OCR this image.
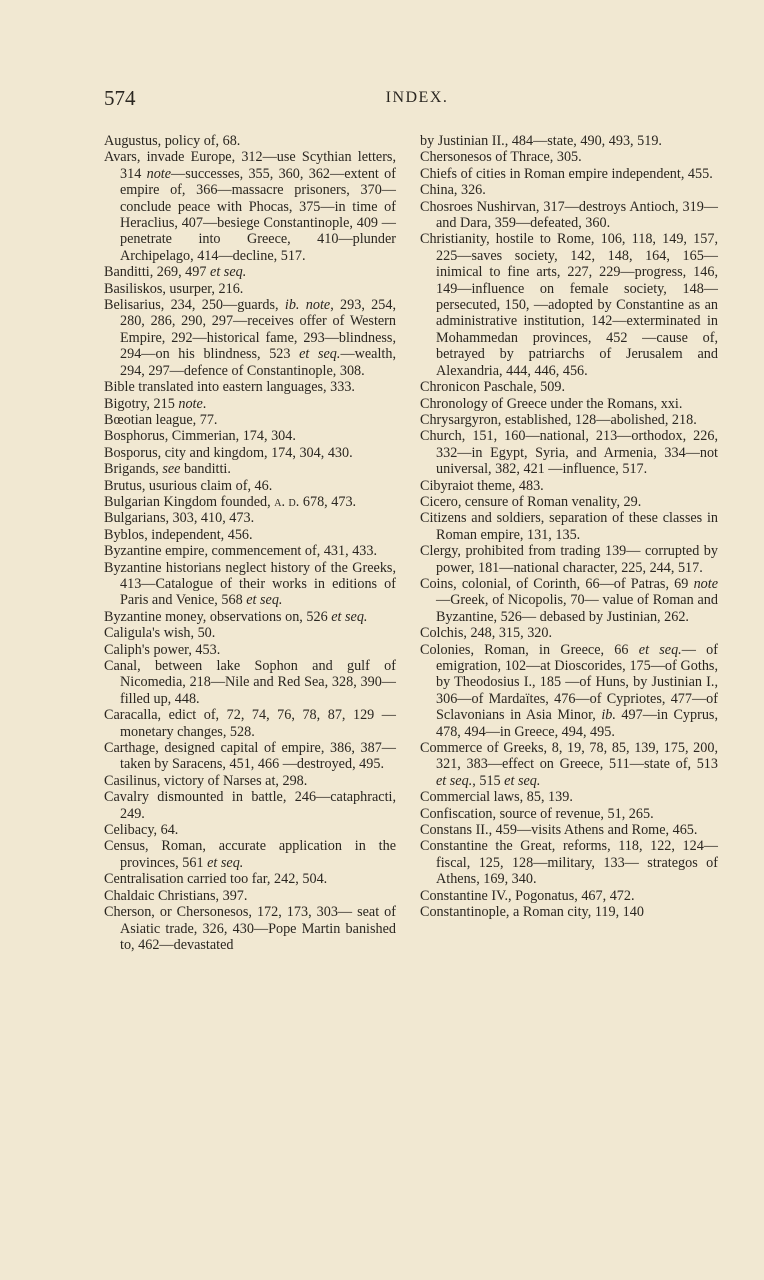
574	INDEX.

Augustus, policy of, 68.

Avars, invade Europe, 312—use Scythian letters, 314 note—successes, 355, 360, 362—extent of empire of, 366—massacre prisoners, 370—conclude peace with Phocas, 375—in time of Heraclius, 407—besiege Constantinople, 409 —penetrate into Greece, 410—plunder Archipelago, 414—decline, 517.

Banditti, 269, 497 et seq.

Basiliskos, usurper, 216.

Belisarius, 234, 250—guards, ib. note, 293, 254, 280, 286, 290, 297—receives offer of Western Empire, 292—historical fame, 293—blindness, 294—on his blindness, 523 et seq.—wealth, 294, 297—defence of Constantinople, 308.

Bible translated into eastern languages, 333.

Bigotry, 215 note.

Bœotian league, 77.

Bosphorus, Cimmerian, 174, 304.

Bosporus, city and kingdom, 174, 304, 430.

Brigands, see banditti.

Brutus, usurious claim of, 46.

Bulgarian Kingdom founded, a. d. 678, 473.

Bulgarians, 303, 410, 473.

Byblos, independent, 456.

Byzantine empire, commencement of, 431, 433.

Byzantine historians neglect history of the Greeks, 413—Catalogue of their works in editions of Paris and Venice, 568 et seq.

Byzantine money, observations on, 526 et seq.

Caligula's wish, 50.

Caliph's power, 453.

Canal, between lake Sophon and gulf of Nicomedia, 218—Nile and Red Sea, 328, 390—filled up, 448.

Caracalla, edict of, 72, 74, 76, 78, 87, 129 —monetary changes, 528.

Carthage, designed capital of empire, 386, 387—taken by Saracens, 451, 466 —destroyed, 495.

Casilinus, victory of Narses at, 298.

Cavalry dismounted in battle, 246—cataphracti, 249.

Celibacy, 64.

Census, Roman, accurate application in the provinces, 561 et seq.

Centralisation carried too far, 242, 504.

Chaldaic Christians, 397.

Cherson, or Chersonesos, 172, 173, 303— seat of Asiatic trade, 326, 430—Pope Martin banished to, 462—devastated

by Justinian II., 484—state, 490, 493, 519.

Chersonesos of Thrace, 305.

Chiefs of cities in Roman empire independent, 455.

China, 326.

Chosroes Nushirvan, 317—destroys Antioch, 319—and Dara, 359—defeated, 360.

Christianity, hostile to Rome, 106, 118, 149, 157, 225—saves society, 142, 148, 164, 165—inimical to fine arts, 227, 229—progress, 146, 149—influence on female society, 148—persecuted, 150, —adopted by Constantine as an administrative institution, 142—exterminated in Mohammedan provinces, 452 —cause of, betrayed by patriarchs of Jerusalem and Alexandria, 444, 446, 456.

Chronicon Paschale, 509.

Chronology of Greece under the Romans, xxi.

Chrysargyron, established, 128—abolished, 218.

Church, 151, 160—national, 213—orthodox, 226, 332—in Egypt, Syria, and Armenia, 334—not universal, 382, 421 —influence, 517.

Cibyraiot theme, 483.

Cicero, censure of Roman venality, 29.

Citizens and soldiers, separation of these classes in Roman empire, 131, 135.

Clergy, prohibited from trading 139— corrupted by power, 181—national character, 225, 244, 517.

Coins, colonial, of Corinth, 66—of Patras, 69 note—Greek, of Nicopolis, 70— value of Roman and Byzantine, 526— debased by Justinian, 262.

Colchis, 248, 315, 320.

Colonies, Roman, in Greece, 66 et seq.— of emigration, 102—at Dioscorides, 175—of Goths, by Theodosius I., 185 —of Huns, by Justinian I., 306—of Mardaïtes, 476—of Cypriotes, 477—of Sclavonians in Asia Minor, ib. 497—in Cyprus, 478, 494—in Greece, 494, 495.

Commerce of Greeks, 8, 19, 78, 85, 139, 175, 200, 321, 383—effect on Greece, 511—state of, 513 et seq., 515 et seq.

Commercial laws, 85, 139.

Confiscation, source of revenue, 51, 265.

Constans II., 459—visits Athens and Rome, 465.

Constantine the Great, reforms, 118, 122, 124—fiscal, 125, 128—military, 133— strategos of Athens, 169, 340.

Constantine IV., Pogonatus, 467, 472.

Constantinople, a Roman city, 119, 140
